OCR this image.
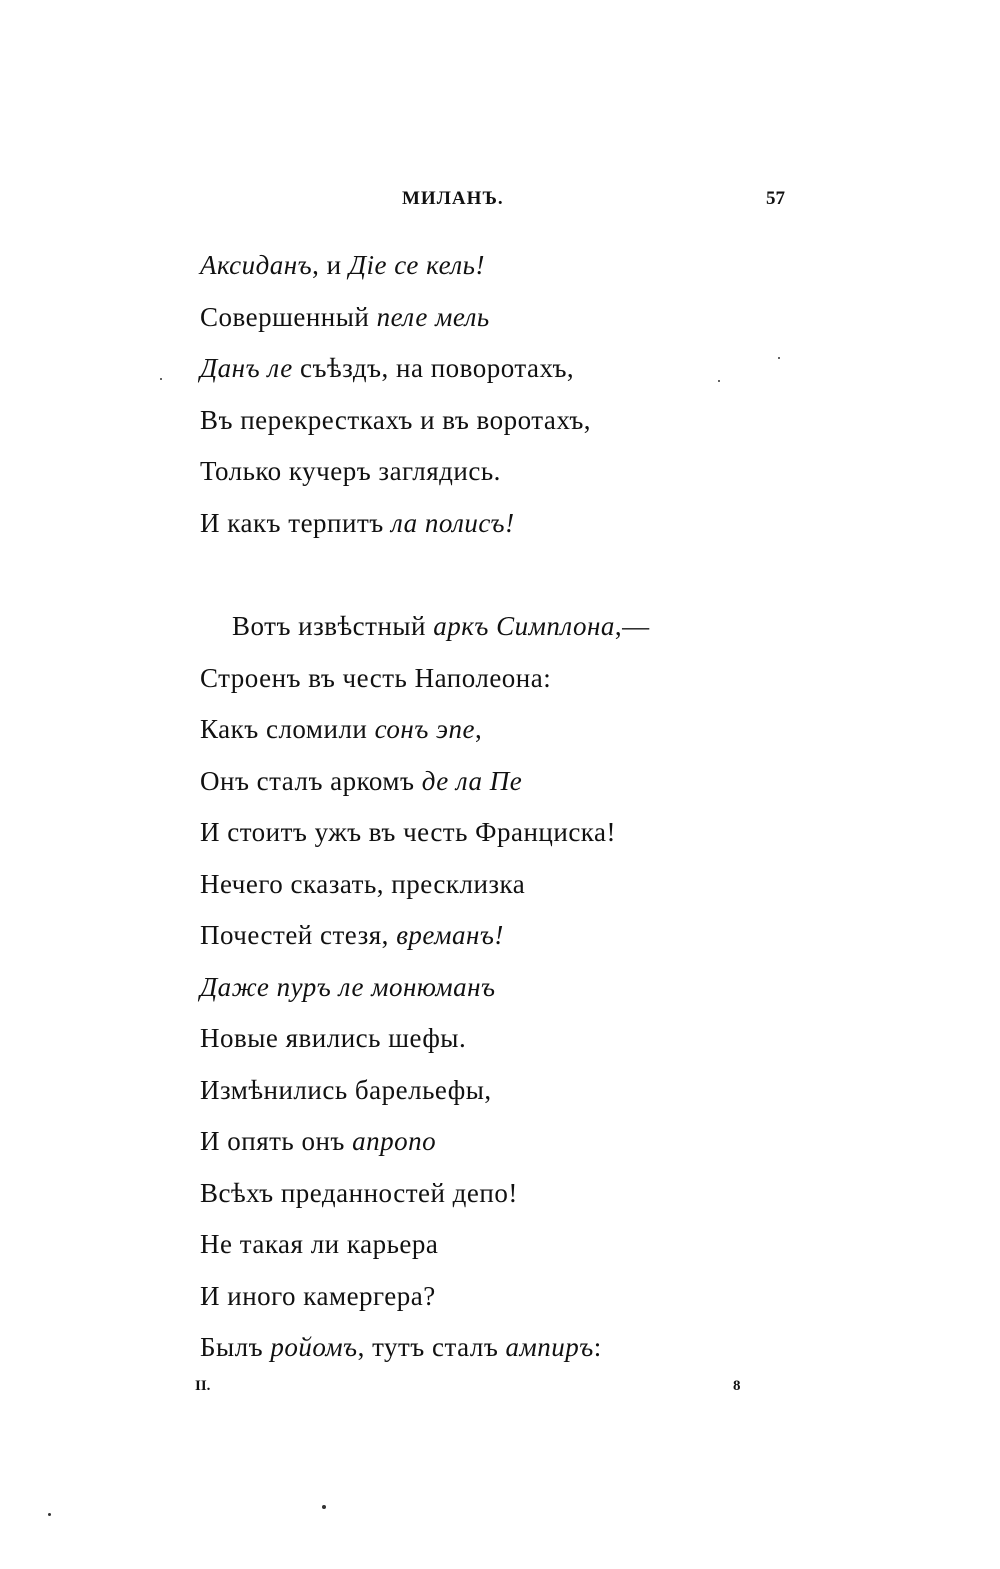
МИЛАНЪ.	57
Аксиданъ, и Діе се кель!
Совершенный пеле мель
Данъ ле съѣздъ, на поворотахъ,
Въ перекресткахъ и въ воротахъ,
Только кучеръ заглядись.
И какъ терпитъ ла полисъ!
Вотъ извѣстный аркъ Симплона,—
Строенъ въ честь Наполеона:
Какъ сломили сонъ эпе,
Онъ сталъ аркомъ де ла Пе
И стоитъ ужъ въ честь Франциска!
Нечего сказать, пресклизка
Почестей стезя, времанъ!
Даже пуръ ле монюманъ
Новые явились шефы.
Измѣнились барельефы,
И опять онъ апропо
Всѣхъ преданностей депо!
Не такая ли карьера
И иного камергера?
Былъ ройомъ, тутъ сталъ ампиръ:
II.	8
